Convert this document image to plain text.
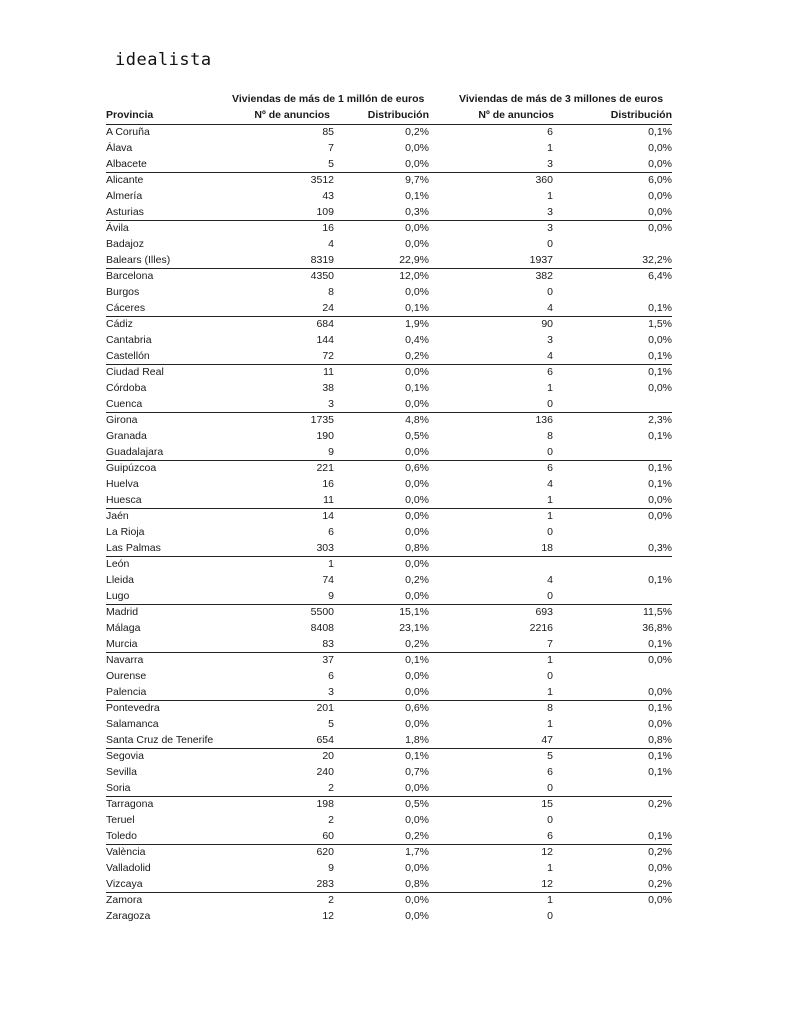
idealista
Viviendas de más de 1 millón de euros	Viviendas de más de 3 millones de euros
Provincia	Nº de anuncios	Distribución	Nº de anuncios	Distribución
A Coruña	85	0,2%	6	0,1%
Álava	7	0,0%	1	0,0%
Albacete	5	0,0%	3	0,0%
Alicante	3512	9,7%	360	6,0%
Almería	43	0,1%	1	0,0%
Asturias	109	0,3%	3	0,0%
Ávila	16	0,0%	3	0,0%
Badajoz	4	0,0%	0
Balears (Illes)	8319	22,9%	1937	32,2%
Barcelona	4350	12,0%	382	6,4%
Burgos	8	0,0%	0
Cáceres	24	0,1%	4	0,1%
Cádiz	684	1,9%	90	1,5%
Cantabria	144	0,4%	3	0,0%
Castellón	72	0,2%	4	0,1%
Ciudad Real	11	0,0%	6	0,1%
Córdoba	38	0,1%	1	0,0%
Cuenca	3	0,0%	0
Girona	1735	4,8%	136	2,3%
Granada	190	0,5%	8	0,1%
Guadalajara	9	0,0%	0
Guipúzcoa	221	0,6%	6	0,1%
Huelva	16	0,0%	4	0,1%
Huesca	11	0,0%	1	0,0%
Jaén	14	0,0%	1	0,0%
La Rioja	6	0,0%	0
Las Palmas	303	0,8%	18	0,3%
León	1	0,0%
Lleida	74	0,2%	4	0,1%
Lugo	9	0,0%	0
Madrid	5500	15,1%	693	11,5%
Málaga	8408	23,1%	2216	36,8%
Murcia	83	0,2%	7	0,1%
Navarra	37	0,1%	1	0,0%
Ourense	6	0,0%	0
Palencia	3	0,0%	1	0,0%
Pontevedra	201	0,6%	8	0,1%
Salamanca	5	0,0%	1	0,0%
Santa Cruz de Tenerife	654	1,8%	47	0,8%
Segovia	20	0,1%	5	0,1%
Sevilla	240	0,7%	6	0,1%
Soria	2	0,0%	0
Tarragona	198	0,5%	15	0,2%
Teruel	2	0,0%	0
Toledo	60	0,2%	6	0,1%
València	620	1,7%	12	0,2%
Valladolid	9	0,0%	1	0,0%
Vizcaya	283	0,8%	12	0,2%
Zamora	2	0,0%	1	0,0%
Zaragoza	12	0,0%	0
